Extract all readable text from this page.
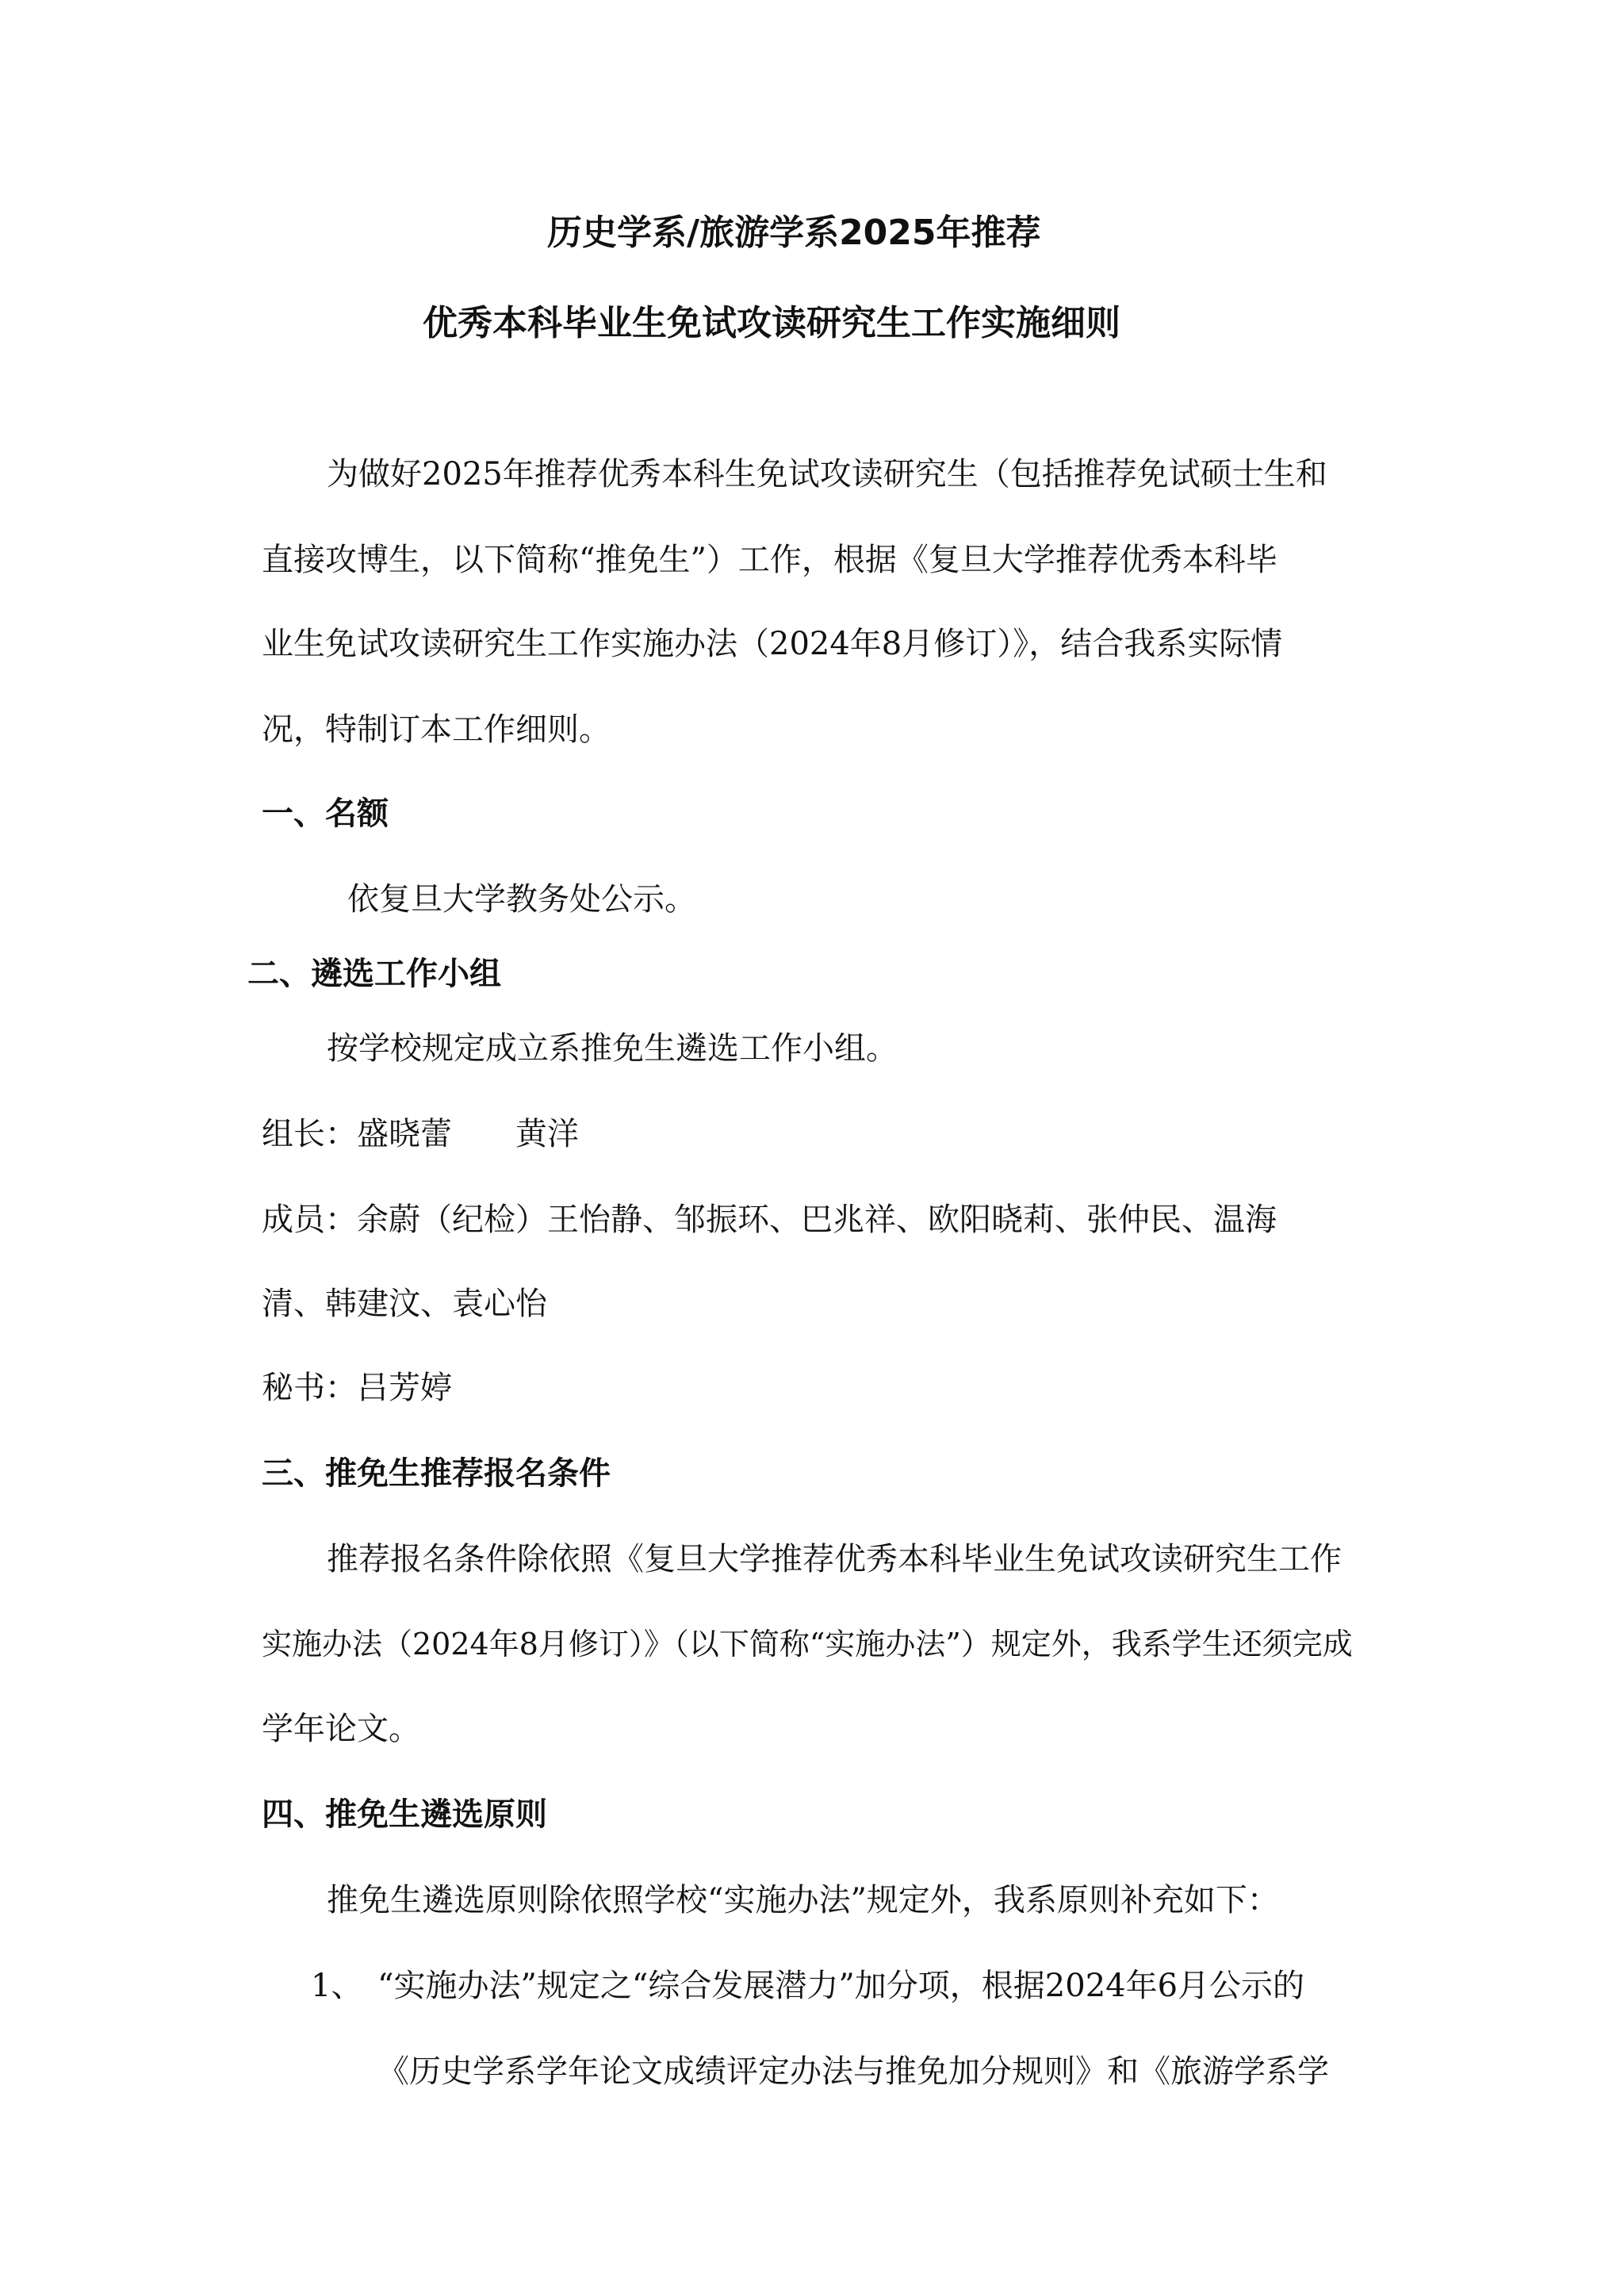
历史学系/旅游学系2025年推荐
优秀本科毕业生免试攻读研究生工作实施细则
为做好2025年推荐优秀本科生免试攻读研究生（包括推荐免试硕士生和
直接攻博生，以下简称“推免生”）工作，根据《复旦大学推荐优秀本科毕
业生免试攻读研究生工作实施办法（2024年8月修订）》，结合我系实际情
况，特制订本工作细则。
一、名额
依复旦大学教务处公示。
二、遴选工作小组
按学校规定成立系推免生遴选工作小组。
组长：盛晓蕾　　黄洋
成员：余蔚（纪检）王怡静、邹振环、巴兆祥、欧阳晓莉、张仲民、温海
清、韩建汶、袁心怡
秘书：吕芳婷
三、推免生推荐报名条件
推荐报名条件除依照《复旦大学推荐优秀本科毕业生免试攻读研究生工作
实施办法（2024年8月修订）》（以下简称“实施办法”）规定外，我系学生还须完成
学年论文。
四、推免生遴选原则
推免生遴选原则除依照学校“实施办法”规定外，我系原则补充如下：
1、 “实施办法”规定之“综合发展潜力”加分项，根据2024年6月公示的
《历史学系学年论文成绩评定办法与推免加分规则》和《旅游学系学
